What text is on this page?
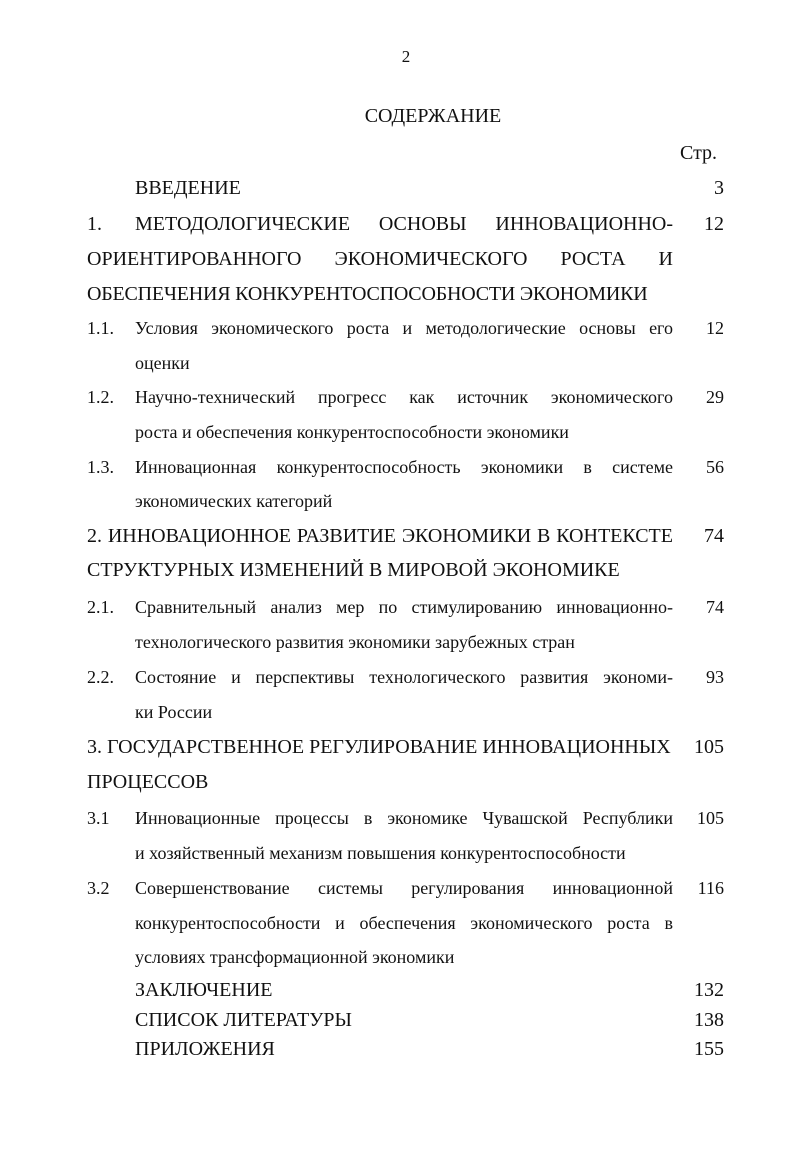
2
СОДЕРЖАНИЕ
Стр.
ВВЕДЕНИЕ	3
1.	МЕТОДОЛОГИЧЕСКИЕ ОСНОВЫ ИННОВАЦИОННО-	12
ОРИЕНТИРОВАННОГО ЭКОНОМИЧЕСКОГО РОСТА И
ОБЕСПЕЧЕНИЯ КОНКУРЕНТОСПОСОБНОСТИ ЭКОНОМИКИ
1.1.	Условия экономического роста и методологические основы его	12
оценки
1.2.	Научно-технический прогресс как источник экономического	29
роста и обеспечения конкурентоспособности экономики
1.3.	Инновационная конкурентоспособность экономики в системе	56
экономических категорий
2. ИННОВАЦИОННОЕ РАЗВИТИЕ ЭКОНОМИКИ В КОНТЕКСТЕ	74
СТРУКТУРНЫХ ИЗМЕНЕНИЙ В МИРОВОЙ ЭКОНОМИКЕ
2.1.	Сравнительный анализ мер по стимулированию инновационно-	74
технологического развития экономики зарубежных стран
2.2.	Состояние и перспективы технологического развития экономи-	93
ки России
3. ГОСУДАРСТВЕННОЕ РЕГУЛИРОВАНИЕ ИННОВАЦИОННЫХ	105
ПРОЦЕССОВ
3.1	Инновационные процессы в экономике Чувашской Республики	105
и хозяйственный механизм повышения конкурентоспособности
3.2	Совершенствование системы регулирования инновационной	116
конкурентоспособности и обеспечения экономического роста в
условиях трансформационной экономики
ЗАКЛЮЧЕНИЕ	132
СПИСОК ЛИТЕРАТУРЫ	138
ПРИЛОЖЕНИЯ	155
